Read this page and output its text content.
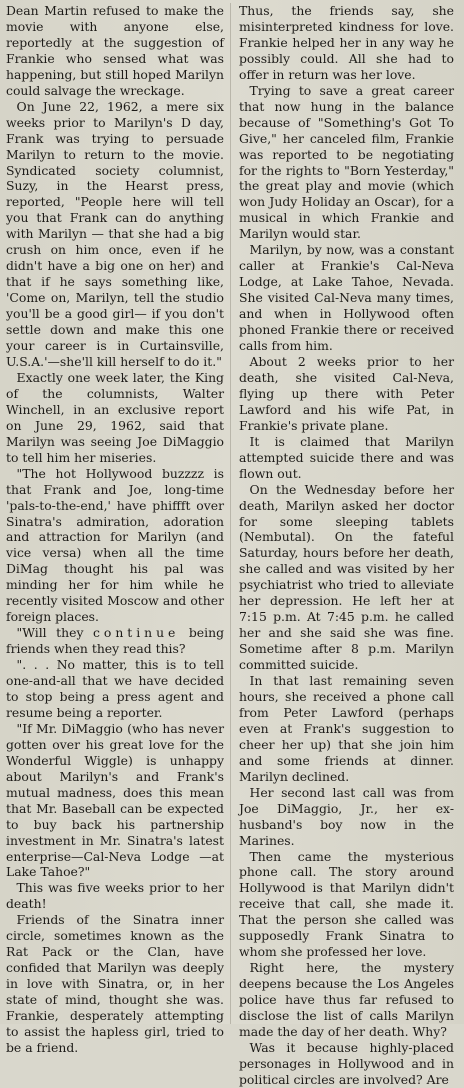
Dean Martin refused to make the movie with anyone else, reportedly at the suggestion of Frankie who sensed what was happening, but still hoped Marilyn could salvage the wreckage.

On June 22, 1962, a mere six weeks prior to Marilyn's D day, Frank was trying to persuade Marilyn to return to the movie. Syndicated society columnist, Suzy, in the Hearst press, reported, "People here will tell you that Frank can do anything with Marilyn — that she had a big crush on him once, even if he didn't have a big one on her) and that if he says something like, 'Come on, Marilyn, tell the studio you'll be a good girl— if you don't settle down and make this one your career is in Curtainsville, U.S.A.'—she'll kill herself to do it."

Exactly one week later, the King of the columnists, Walter Winchell, in an exclusive report on June 29, 1962, said that Marilyn was seeing Joe DiMaggio to tell him her miseries.

"The hot Hollywood buzzzz is that Frank and Joe, long-time 'pals-to-the-end,' have phiffft over Sinatra's admiration, adoration and attraction for Marilyn (and vice versa) when all the time DiMag thought his pal was minding her for him while he recently visited Moscow and other foreign places.

"Will they continue being friends when they read this?

". . . No matter, this is to tell one-and-all that we have decided to stop being a press agent and resume being a reporter.

"If Mr. DiMaggio (who has never gotten over his great love for the Wonderful Wiggle) is unhappy about Marilyn's and Frank's mutual madness, does this mean that Mr. Baseball can be expected to buy back his partnership investment in Mr. Sinatra's latest enterprise—Cal-Neva Lodge —at Lake Tahoe?"

This was five weeks prior to her death!

Friends of the Sinatra inner circle, sometimes known as the Rat Pack or the Clan, have confided that Marilyn was deeply in love with Sinatra, or, in her state of mind, thought she was. Frankie, desperately attempting to assist the hapless girl, tried to be a friend.

Thus, the friends say, she misinterpreted kindness for love. Frankie helped her in any way he possibly could. All she had to offer in return was her love.

Trying to save a great career that now hung in the balance because of "Something's Got To Give," her canceled film, Frankie was reported to be negotiating for the rights to "Born Yesterday," the great play and movie (which won Judy Holiday an Oscar), for a musical in which Frankie and Marilyn would star.

Marilyn, by now, was a constant caller at Frankie's Cal-Neva Lodge, at Lake Tahoe, Nevada. She visited Cal-Neva many times, and when in Hollywood often phoned Frankie there or received calls from him.

About 2 weeks prior to her death, she visited Cal-Neva, flying up there with Peter Lawford and his wife Pat, in Frankie's private plane.

It is claimed that Marilyn attempted suicide there and was flown out.

On the Wednesday before her death, Marilyn asked her doctor for some sleeping tablets (Nembutal). On the fateful Saturday, hours before her death, she called and was visited by her psychiatrist who tried to alleviate her depression. He left her at 7:15 p.m. At 7:45 p.m. he called her and she said she was fine. Sometime after 8 p.m. Marilyn committed suicide.

In that last remaining seven hours, she received a phone call from Peter Lawford (perhaps even at Frank's suggestion to cheer her up) that she join him and some friends at dinner. Marilyn declined.

Her second last call was from Joe DiMaggio, Jr., her ex-husband's boy now in the Marines.

Then came the mysterious phone call. The story around Hollywood is that Marilyn didn't receive that call, she made it. That the person she called was supposedly Frank Sinatra to whom she professed her love.

Right here, the mystery deepens because the Los Angeles police have thus far refused to disclose the list of calls Marilyn made the day of her death. Why?

Was it because highly-placed personages in Hollywood and in political circles are involved? Are
